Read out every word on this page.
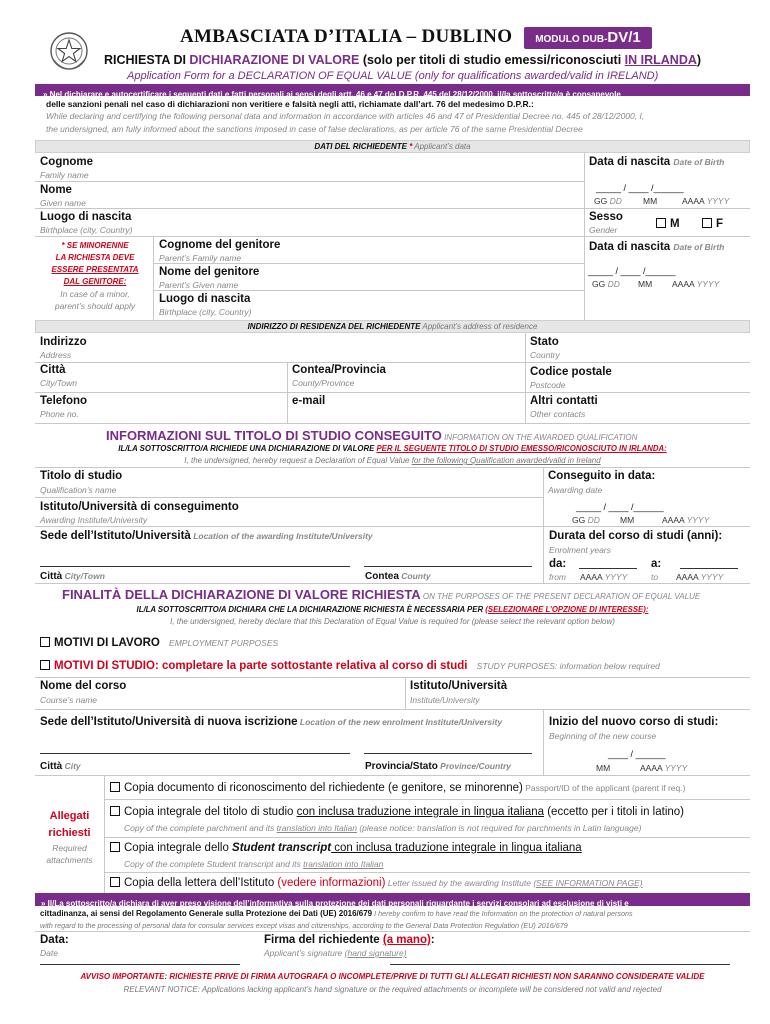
AMBASCIATA D’ITALIA – DUBLINO	MODULO DUB-DV/1
RICHIESTA DI DICHIARAZIONE DI VALORE (solo per titoli di studio emessi/riconosciuti IN IRLANDA)
Application Form for a DECLARATION OF EQUAL VALUE (only for qualifications awarded/valid in IRELAND)
» Nel dichiarare e autocertificare i seguenti dati e fatti personali ai sensi degli artt. 46 e 47 del D.P.R. 445 del 28/12/2000, il/la sottoscritto/a è consapevole
delle sanzioni penali nel caso di dichiarazioni non veritiere e falsità negli atti, richiamate dall’art. 76 del medesimo D.P.R.:
While declaring and certifying the following personal data and information in accordance with articles 46 and 47 of Presidential Decree no. 445 of 28/12/2000, I,
the undersigned, am fully informed about the sanctions imposed in case of false declarations, as per article 76 of the same Presidential Decree
DATI DEL RICHIEDENTE * Applicant’s data
Cognome
Family name
Nome
Given name
Luogo di nascita
Birthplace (city, Country)
Data di nascita Date of Birth
_____ / ____ /______
GG DD MM	AAAA YYYY
Sesso
Gender	M	F
* SE MINORENNE
LA RICHIESTA DEVE
ESSERE PRESENTATA
DAL GENITORE:
In case of a minor,
parent’s should apply
Cognome del genitore
Parent’s Family name
Nome del genitore
Parent’s Given name
Luogo di nascita
Birthplace (city, Country)
Data di nascita Date of Birth
_____ / ____ /______
GG DD MM AAAA YYYY
INDIRIZZO DI RESIDENZA DEL RICHIEDENTE Applicant’s address of residence
Indirizzo
Address
Stato
Country
Città
City/Town
Contea/Provincia
County/Province
Codice postale
Postcode
Telefono
Phone no.
e-mail	Altri contatti
Other contacts
INFORMAZIONI SUL TITOLO DI STUDIO CONSEGUITO INFORMATION ON THE AWARDED QUALIFICATION
IL/LA SOTTOSCRITTO/A RICHIEDE UNA DICHIARAZIONE DI VALORE PER IL SEGUENTE TITOLO DI STUDIO EMESSO/RICONOSCIUTO IN IRLANDA:
I, the undersigned, hereby request a Declaration of Equal Value for the following Qualification awarded/valid in Ireland
Titolo di studio
Qualification’s name
Conseguito in data:
Awarding date
_____ / ____ /______
GG DD MM	AAAA YYYY
Istituto/Università di conseguimento
Awarding Institute/University
Sede dell’Istituto/Università Location of the awarding Institute/University
Città City/Town	Contea County
Durata del corso di studi (anni):
Enrolment years
da:	a:
from AAAA YYYY	to AAAA YYYY
FINALITÀ DELLA DICHIARAZIONE DI VALORE RICHIESTA ON THE PURPOSES OF THE PRESENT DECLARATION OF EQUAL VALUE
IL/LA SOTTOSCRITTO/A DICHIARA CHE LA DICHIARAZIONE RICHIESTA È NECESSARIA PER (SELEZIONARE L’OPZIONE DI INTERESSE):
I, the undersigned, hereby declare that this Declaration of Equal Value is required for (please select the relevant option below)
MOTIVI DI LAVORO EMPLOYMENT PURPOSES
MOTIVI DI STUDIO: completare la parte sottostante relativa al corso di studi STUDY PURPOSES: information below required
Nome del corso
Course’s name
Istituto/Università
Institute/University
Sede dell’Istituto/Università di nuova iscrizione Location of the new enrolment Institute/University
Città City	Provincia/Stato Province/Country
Inizio del nuovo corso di studi:
Beginning of the new course
____ / ______
MM	AAAA YYYY
Allegati
richiesti
Required
attachments
Copia documento di riconoscimento del richiedente (e genitore, se minorenne) Passport/ID of the applicant (parent if req.)
Copia integrale del titolo di studio con inclusa traduzione integrale in lingua italiana (eccetto per i titoli in latino)
Copy of the complete parchment and its translation into Italian (please notice: translation is not required for parchments in Latin language)
Copia integrale dello Student transcript con inclusa traduzione integrale in lingua italiana
Copy of the complete Student transcript and its translation into Italian
Copia della lettera dell’Istituto (vedere informazioni) Letter issued by the awarding Institute (SEE INFORMATION PAGE)
» Il/La sottoscritto/a dichiara di aver preso visione dell’informativa sulla protezione dei dati personali riguardante i servizi consolari ad esclusione di visti e
cittadinanza, ai sensi del Regolamento Generale sulla Protezione dei Dati (UE) 2016/679 I hereby confirm to have read the Information on the protection of natural persons
with regard to the processing of personal data for consular services except visas and citizenships, according to the General Data Protection Regulation (EU) 2016/679
Data:
Date
Firma del richiedente (a mano):
Applicant’s signature (hand signature)
AVVISO IMPORTANTE: RICHIESTE PRIVE DI FIRMA AUTOGRAFA O INCOMPLETE/PRIVE DI TUTTI GLI ALLEGATI RICHIESTI NON SARANNO CONSIDERATE VALIDE
RELEVANT NOTICE: Applications lacking applicant’s hand signature or the required attachments or incomplete will be considered not valid and rejected
